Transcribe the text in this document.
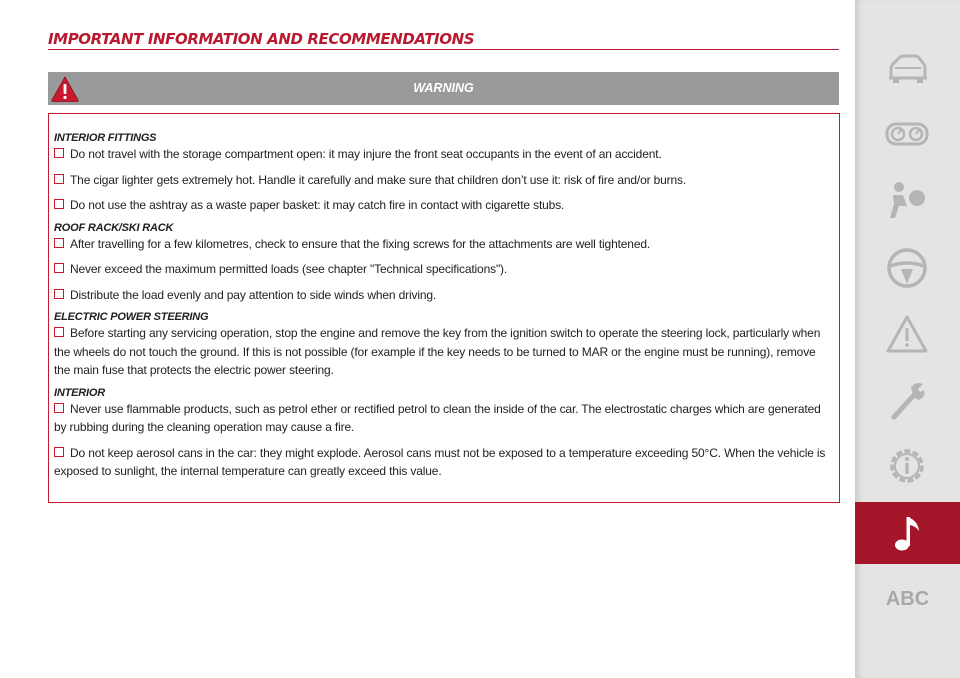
IMPORTANT INFORMATION AND RECOMMENDATIONS
WARNING
INTERIOR FITTINGS
Do not travel with the storage compartment open: it may injure the front seat occupants in the event of an accident.
The cigar lighter gets extremely hot. Handle it carefully and make sure that children don’t use it: risk of fire and/or burns.
Do not use the ashtray as a waste paper basket: it may catch fire in contact with cigarette stubs.
ROOF RACK/SKI RACK
After travelling for a few kilometres, check to ensure that the fixing screws for the attachments are well tightened.
Never exceed the maximum permitted loads (see chapter "Technical specifications").
Distribute the load evenly and pay attention to side winds when driving.
ELECTRIC POWER STEERING
Before starting any servicing operation, stop the engine and remove the key from the ignition switch to operate the steering lock, particularly when the wheels do not touch the ground. If this is not possible (for example if the key needs to be turned to MAR or the engine must be running), remove the main fuse that protects the electric power steering.
INTERIOR
Never use flammable products, such as petrol ether or rectified petrol to clean the inside of the car. The electrostatic charges which are generated by rubbing during the cleaning operation may cause a fire.
Do not keep aerosol cans in the car: they might explode. Aerosol cans must not be exposed to a temperature exceeding 50°C. When the vehicle is exposed to sunlight, the internal temperature can greatly exceed this value.
ABC
